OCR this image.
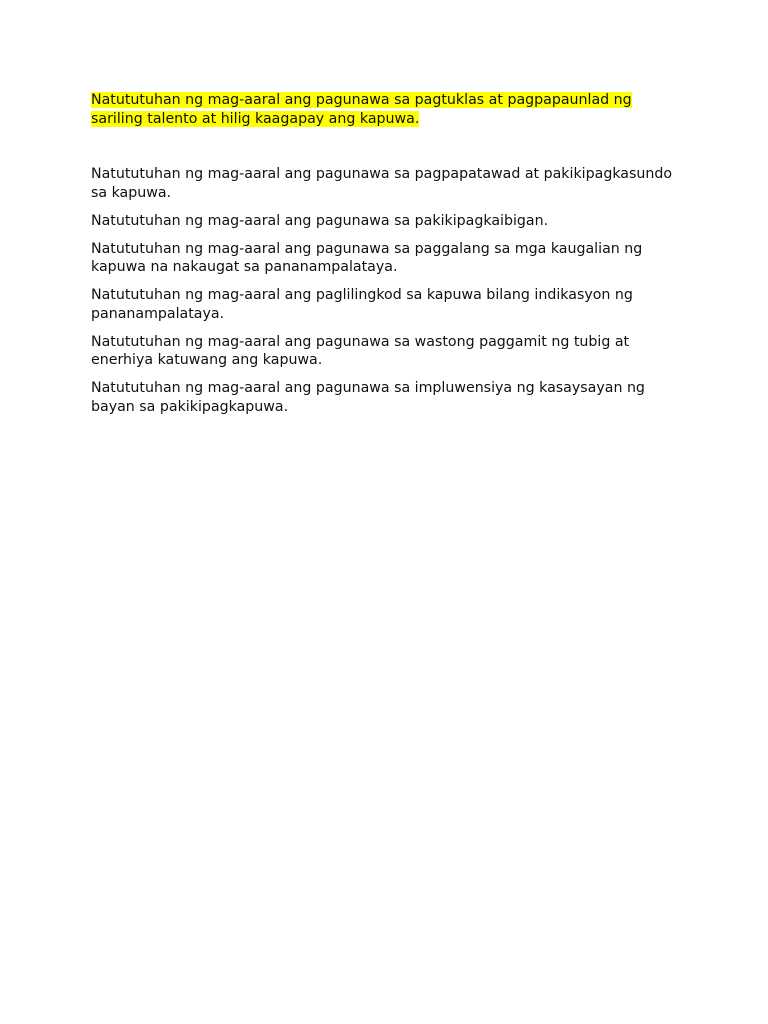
Natututuhan ng mag-aaral ang pagunawa sa pagtuklas at pagpapaunlad ng sariling talento at hilig kaagapay ang kapuwa.

Natututuhan ng mag-aaral ang pagunawa sa pagpapatawad at pakikipagkasundo sa kapuwa.

Natututuhan ng mag-aaral ang pagunawa sa pakikipagkaibigan.

Natututuhan ng mag-aaral ang pagunawa sa paggalang sa mga kaugalian ng kapuwa na nakaugat sa pananampalataya.

Natututuhan ng mag-aaral ang paglilingkod sa kapuwa bilang indikasyon ng pananampalataya.

Natututuhan ng mag-aaral ang pagunawa sa wastong paggamit ng tubig at enerhiya katuwang ang kapuwa.

Natututuhan ng mag-aaral ang pagunawa sa impluwensiya ng kasaysayan ng bayan sa pakikipagkapuwa.
